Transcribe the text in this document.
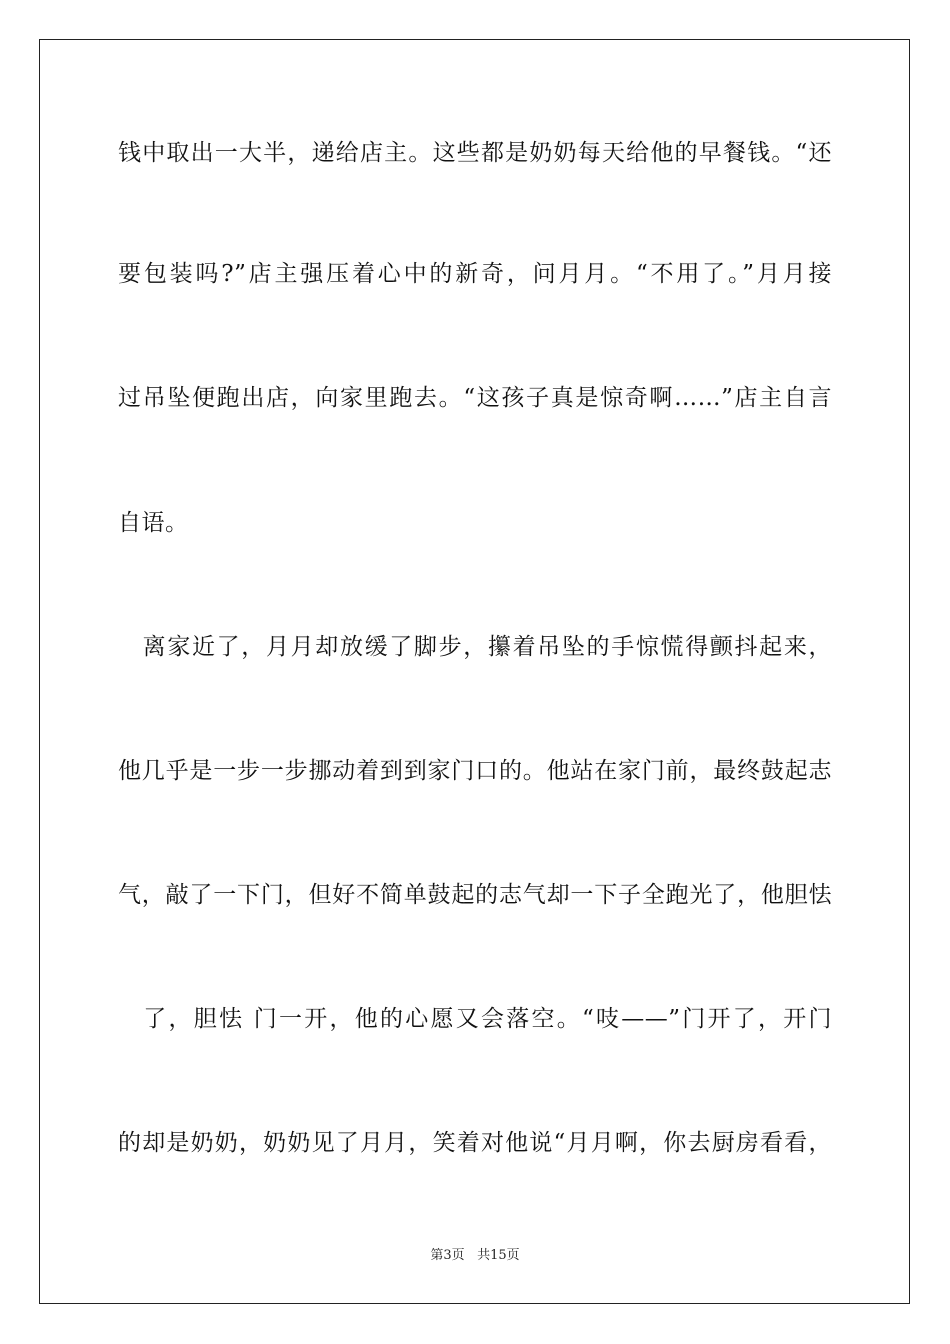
钱中取出一大半，递给店主。这些都是奶奶每天给他的早餐钱。“还
要包装吗?”店主强压着心中的新奇，问月月。“不用了。”月月接
过吊坠便跑出店，向家里跑去。“这孩子真是惊奇啊……”店主自言
自语。
　离家近了，月月却放缓了脚步，攥着吊坠的手惊慌得颤抖起来，
他几乎是一步一步挪动着到到家门口的。他站在家门前，最终鼓起志
气，敲了一下门，但好不简单鼓起的志气却一下子全跑光了，他胆怯
　了，胆怯 门一开，他的心愿又会落空。“吱——”门开了，开门
的却是奶奶，奶奶见了月月，笑着对他说“月月啊，你去厨房看看，
第3页 共15页
